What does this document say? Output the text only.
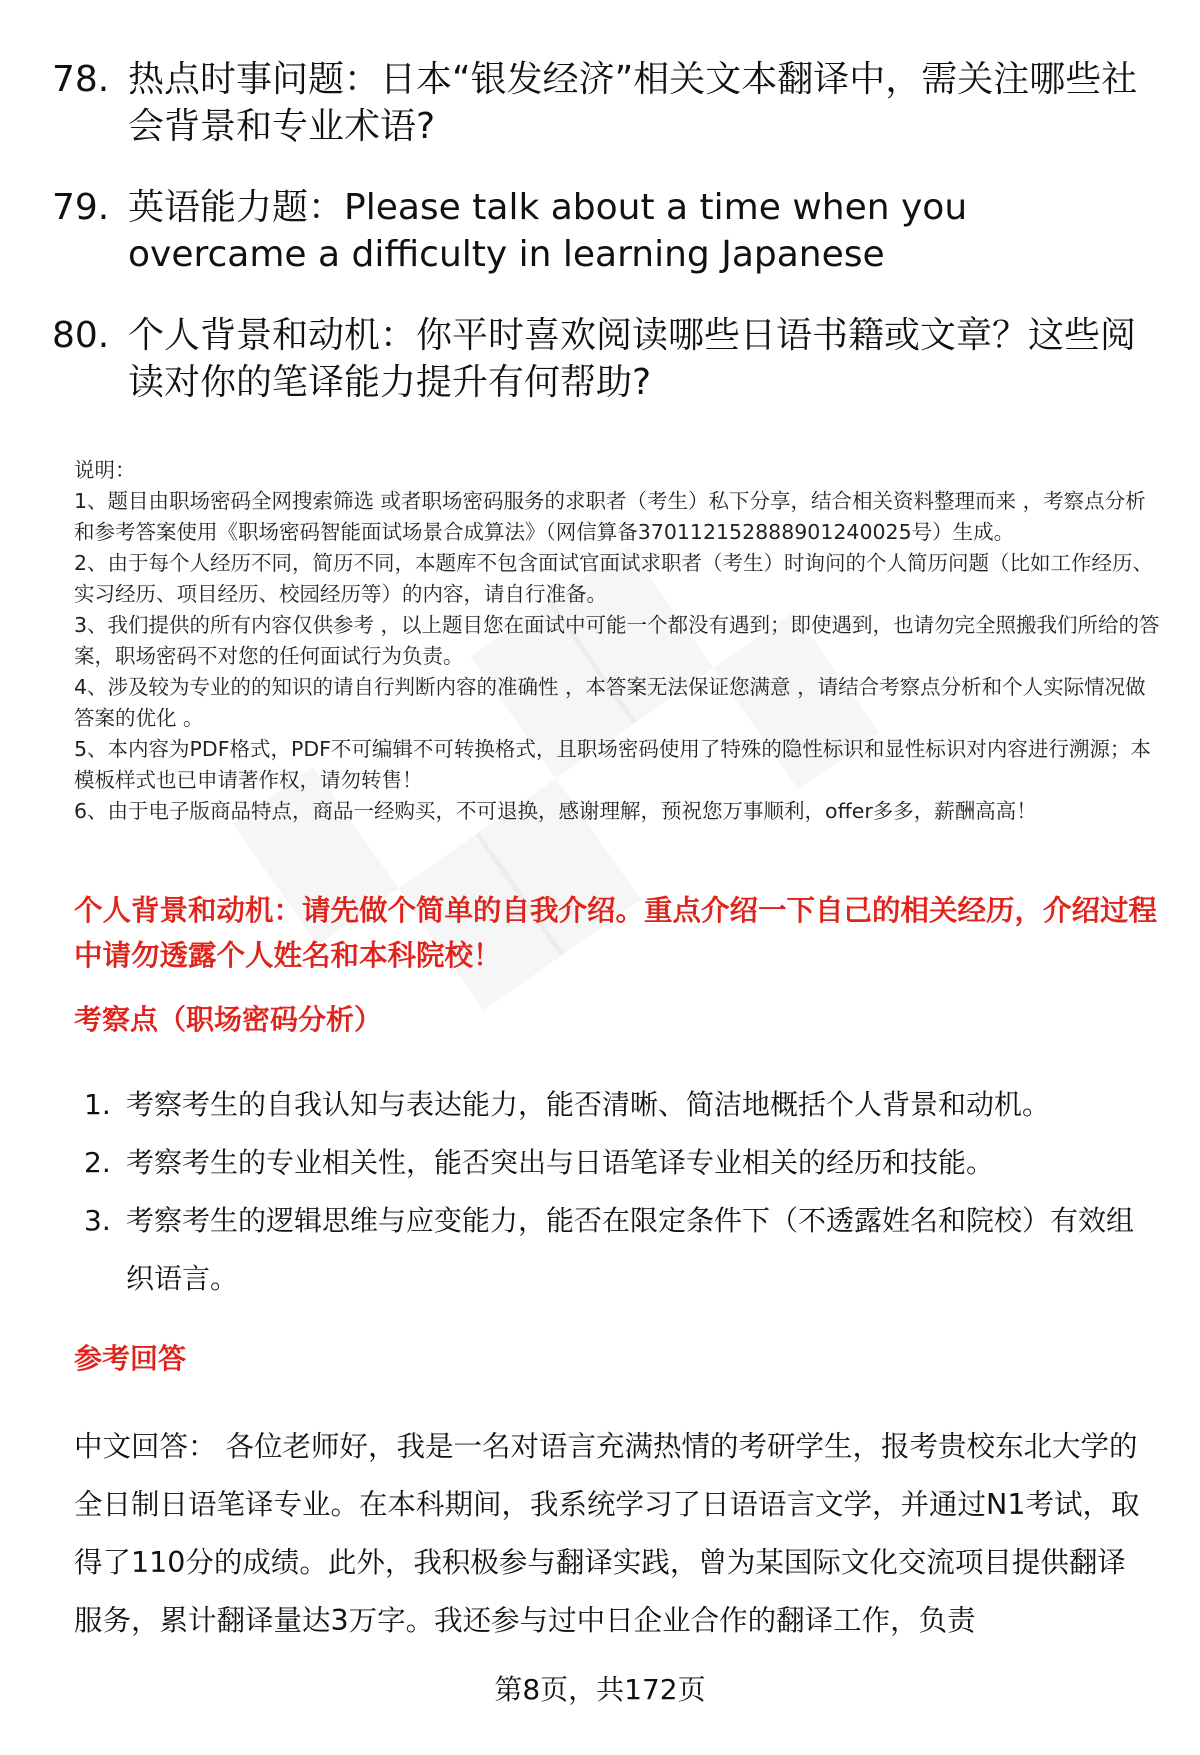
78. 热点时事问题：日本“银发经济”相关文本翻译中，需关注哪些社会背景和专业术语?
79. 英语能力题：Please talk about a time when you overcame a difficulty in learning Japanese
80. 个人背景和动机：你平时喜欢阅读哪些日语书籍或文章？这些阅读对你的笔译能力提升有何帮助?

说明：

1、题目由职场密码全网搜索筛选 或者职场密码服务的求职者（考生）私下分享，结合相关资料整理而来 ，考察点分析和参考答案使用《职场密码智能面试场景合成算法》（网信算备370112152888901240025号）生成。

2、由于每个人经历不同，简历不同，本题库不包含面试官面试求职者（考生）时询问的个人简历问题（比如工作经历、实习经历、项目经历、校园经历等）的内容，请自行准备。

3、我们提供的所有内容仅供参考 ，以上题目您在面试中可能一个都没有遇到；即使遇到，也请勿完全照搬我们所给的答案，职场密码不对您的任何面试行为负责。

4、涉及较为专业的的知识的请自行判断内容的准确性 ，本答案无法保证您满意 ，请结合考察点分析和个人实际情况做答案的优化 。

5、本内容为PDF格式，PDF不可编辑不可转换格式，且职场密码使用了特殊的隐性标识和显性标识对内容进行溯源；本模板样式也已申请著作权，请勿转售！

6、由于电子版商品特点，商品一经购买，不可退换，感谢理解，预祝您万事顺利，offer多多，薪酬高高！

个人背景和动机：请先做个简单的自我介绍。重点介绍一下自己的相关经历，介绍过程中请勿透露个人姓名和本科院校！
考察点（职场密码分析）
1. 考察考生的自我认知与表达能力，能否清晰、简洁地概括个人背景和动机。
2. 考察考生的专业相关性，能否突出与日语笔译专业相关的经历和技能。
3. 考察考生的逻辑思维与应变能力，能否在限定条件下（不透露姓名和院校）有效组织语言。
参考回答

中文回答： 各位老师好，我是一名对语言充满热情的考研学生，报考贵校东北大学的全日制日语笔译专业。在本科期间，我系统学习了日语语言文学，并通过N1考试，取得了110分的成绩。此外，我积极参与翻译实践，曾为某国际文化交流项目提供翻译服务，累计翻译量达3万字。我还参与过中日企业合作的翻译工作，负责

第8页，共172页
